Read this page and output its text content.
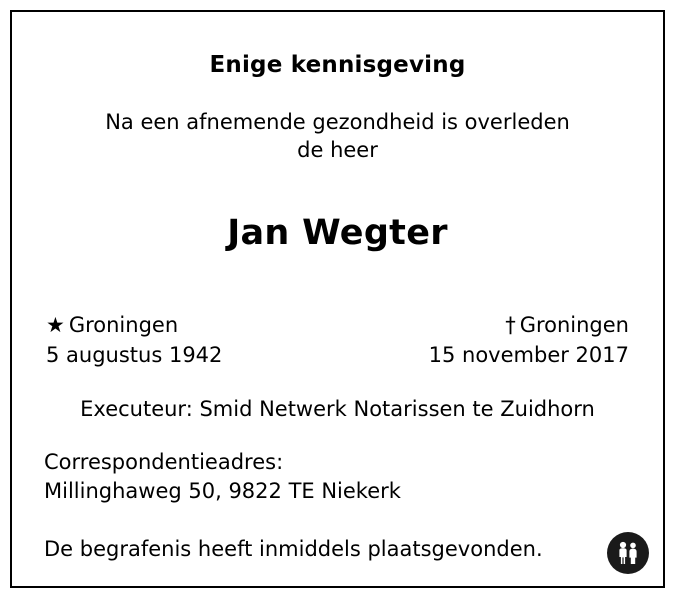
Enige kennisgeving
Na een afnemende gezondheid is overleden
de heer
Jan Wegter
★ Groningen
5 augustus 1942
† Groningen
15 november 2017
Executeur: Smid Netwerk Notarissen te Zuidhorn
Correspondentieadres:
Millinghaweg 50, 9822 TE Niekerk
De begrafenis heeft inmiddels plaatsgevonden.
